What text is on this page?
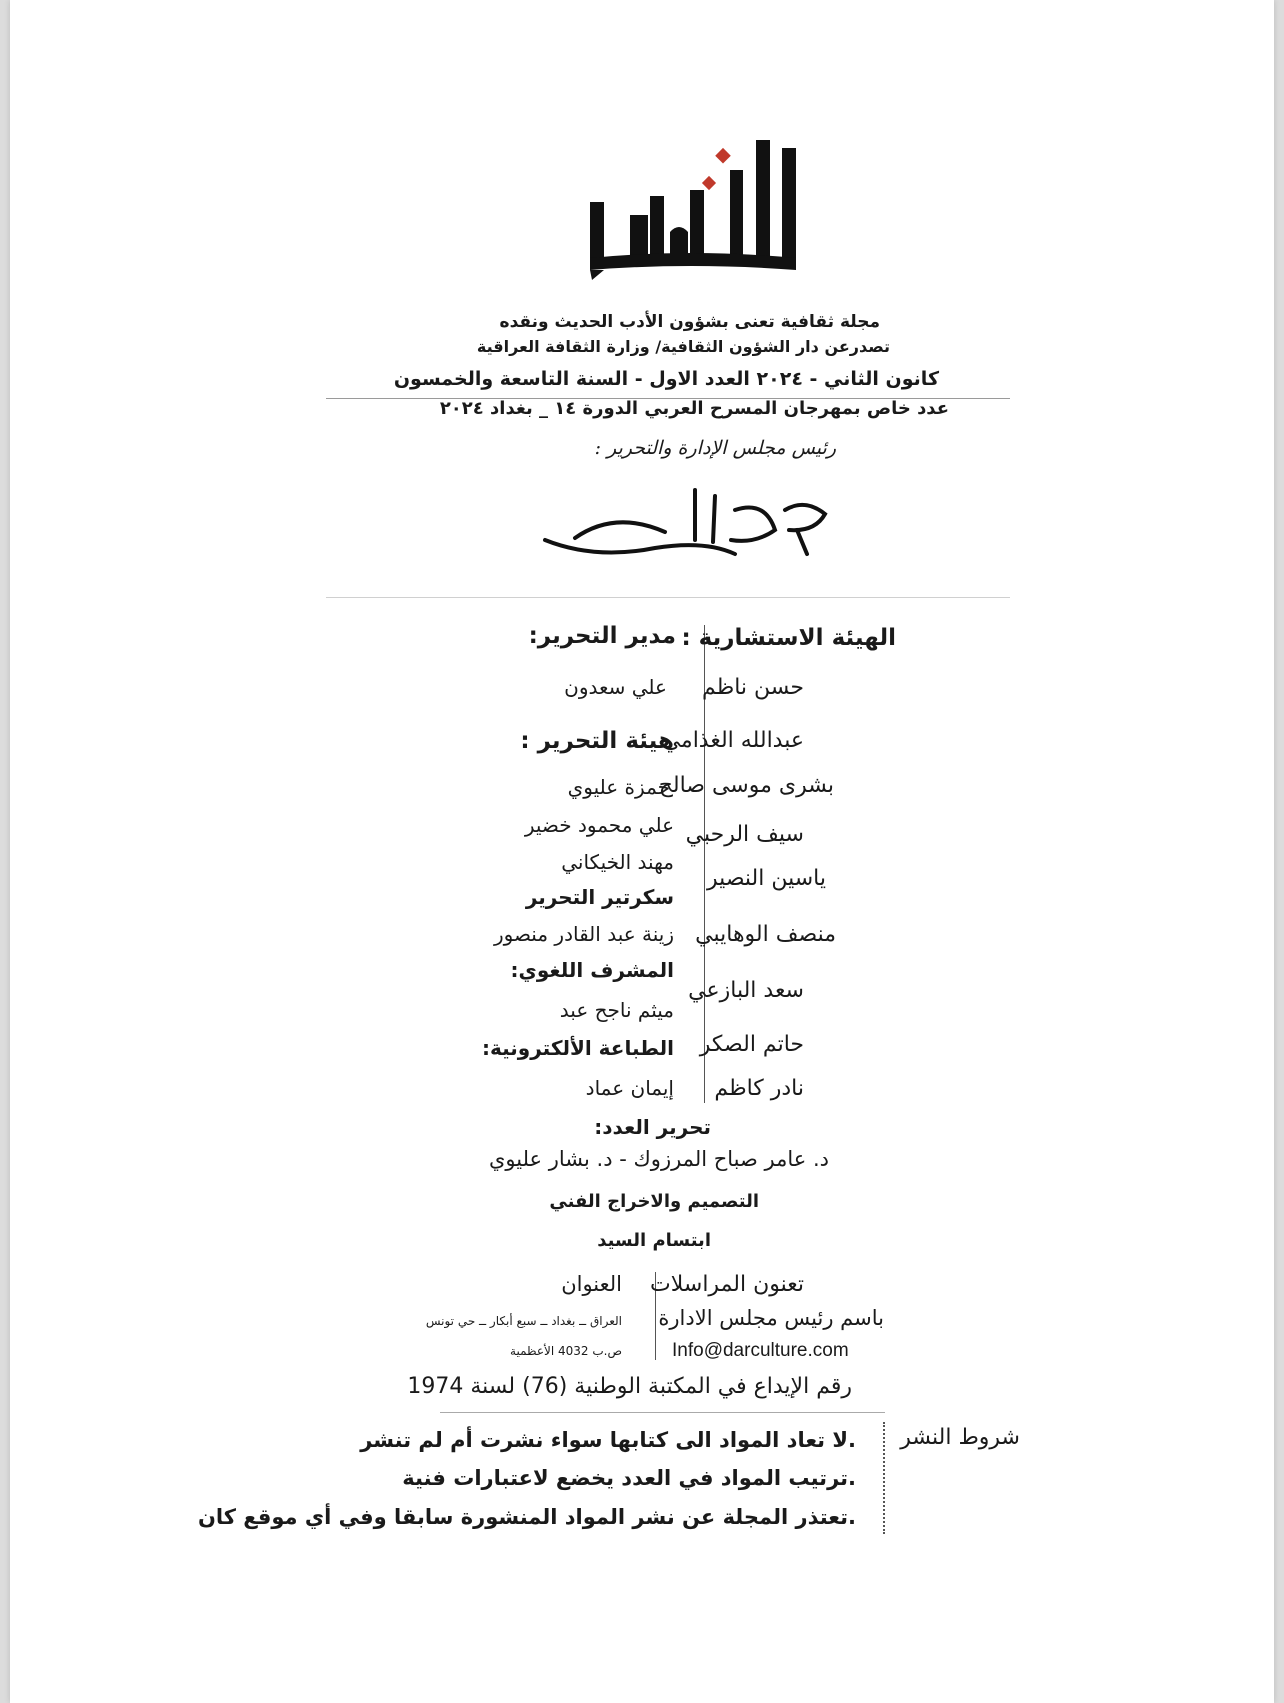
مجلة ثقافية تعنى بشؤون الأدب الحديث ونقده
تصدرعن دار الشؤون الثقافية/ وزارة الثقافة العراقية
كانون الثاني - ٢٠٢٤ العدد الاول - السنة التاسعة والخمسون
عدد خاص بمهرجان المسرح العربي الدورة ١٤ _ بغداد ٢٠٢٤
رئيس مجلس الإدارة والتحرير :
الهيئة الاستشارية :
حسن ناظم
عبدالله الغذامي
بشرى موسى صالح
سيف الرحبي
ياسين النصير
منصف الوهايبي
سعد البازعي
حاتم الصكر
نادر كاظم
مدير التحرير:
علي سعدون
هيئة التحرير :
حمزة عليوي
علي محمود خضير
مهند الخيكاني
سكرتير التحرير
زينة عبد القادر منصور
المشرف اللغوي:
ميثم ناجح عبد
الطباعة الألكترونية:
إيمان عماد
تحرير العدد:
د. عامر صباح المرزوك - د. بشار عليوي
التصميم والاخراج الفني
ابتسام السيد
تعنون المراسلات
باسم رئيس مجلس الادارة
Info@darculture.com
العنوان
العراق ــ بغداد ــ سبع أبكار ــ حي تونس
ص.ب 4032 الأعظمية
رقم الإيداع في المكتبة الوطنية (76) لسنة 1974
شروط النشر
.لا تعاد المواد الى كتابها سواء نشرت أم لم تنشر
.ترتيب المواد في العدد يخضع لاعتبارات فنية
.تعتذر المجلة عن نشر المواد المنشورة سابقا وفي أي موقع كان
